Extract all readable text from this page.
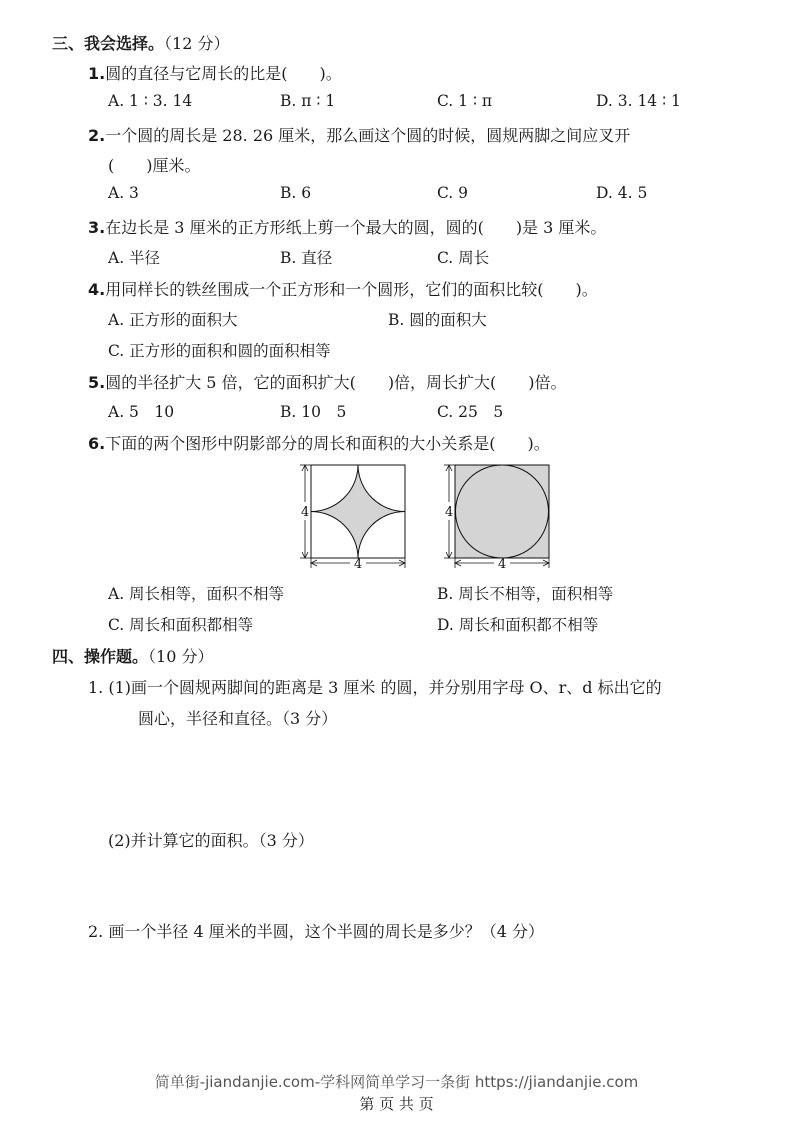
三、我会选择。（12 分）
1.圆的直径与它周长的比是(　　)。
A. 1 ∶ 3. 14	B. π ∶ 1	C. 1 ∶ π	D. 3. 14 ∶ 1
2.一个圆的周长是 28. 26 厘米，那么画这个圆的时候，圆规两脚之间应叉开
(　　)厘米。
A. 3	B. 6	C. 9	D. 4. 5
3.在边长是 3 厘米的正方形纸上剪一个最大的圆，圆的(　　)是 3 厘米。
A. 半径	B. 直径	C. 周长
4.用同样长的铁丝围成一个正方形和一个圆形，它们的面积比较(　　)。
A. 正方形的面积大	B. 圆的面积大
C. 正方形的面积和圆的面积相等
5.圆的半径扩大 5 倍，它的面积扩大(　　)倍，周长扩大(　　)倍。
A. 5　10	B. 10　5	C. 25　5
6.下面的两个图形中阴影部分的周长和面积的大小关系是(　　)。
4
4
4
4
A. 周长相等，面积不相等	B. 周长不相等，面积相等
C. 周长和面积都相等	D. 周长和面积都不相等
四、操作题。（10 分）
1. (1)画一个圆规两脚间的距离是 3 厘米 的圆，并分别用字母 O、r、d 标出它的
圆心，半径和直径。（3 分）
(2)并计算它的面积。（3 分）
2. 画一个半径 4 厘米的半圆，这个半圆的周长是多少？（4 分）
简单街-jiandanjie.com-学科网简单学习一条街 https://jiandanjie.com
第 页 共 页
